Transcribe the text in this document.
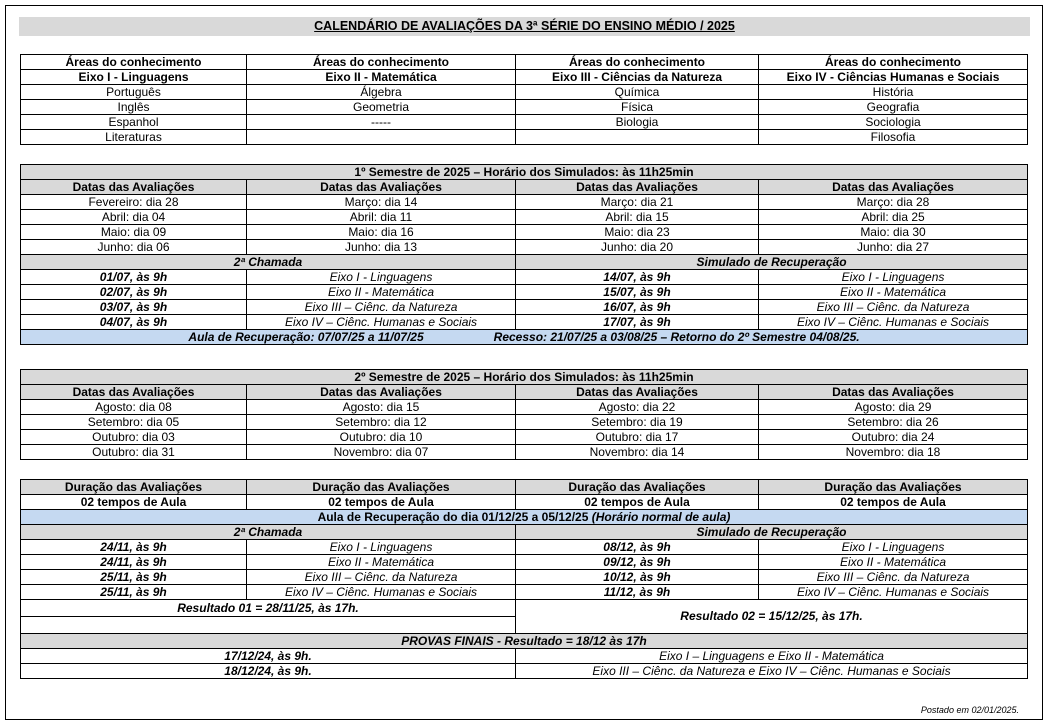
CALENDÁRIO DE AVALIAÇÕES DA 3ª SÉRIE DO ENSINO MÉDIO / 2025
Áreas do conhecimento	Áreas do conhecimento	Áreas do conhecimento	Áreas do conhecimento
Eixo I - Linguagens	Eixo II - Matemática	Eixo III - Ciências da Natureza	Eixo IV - Ciências Humanas e Sociais
Português	Álgebra	Química	História
Inglês	Geometria	Física	Geografia
Espanhol	-----	Biologia	Sociologia
Literaturas			Filosofia
1º Semestre de 2025 – Horário dos Simulados: às 11h25min			
Datas das Avaliações	Datas das Avaliações	Datas das Avaliações	Datas das Avaliações
Fevereiro: dia 28	Março: dia 14	Março: dia 21	Março: dia 28
Abril: dia 04	Abril: dia 11	Abril: dia 15	Abril: dia 25
Maio: dia 09	Maio: dia 16	Maio: dia 23	Maio: dia 30
Junho: dia 06	Junho: dia 13	Junho: dia 20	Junho: dia 27
2ª Chamada		Simulado de Recuperação	
01/07, às 9h	Eixo I - Linguagens	14/07, às 9h	Eixo I - Linguagens
02/07, às 9h	Eixo II - Matemática	15/07, às 9h	Eixo II - Matemática
03/07, às 9h	Eixo III – Ciênc. da Natureza	16/07, às 9h	Eixo III – Ciênc. da Natureza
04/07, às 9h	Eixo IV – Ciênc. Humanas e Sociais	17/07, às 9h	Eixo IV – Ciênc. Humanas e Sociais
Aula de Recuperação: 07/07/25 a 11/07/25 Recesso: 21/07/25 a 03/08/25 – Retorno do 2º Semestre 04/08/25.			
2º Semestre de 2025 – Horário dos Simulados: às 11h25min			
Datas das Avaliações	Datas das Avaliações	Datas das Avaliações	Datas das Avaliações
Agosto: dia 08	Agosto: dia 15	Agosto: dia 22	Agosto: dia 29
Setembro: dia 05	Setembro: dia 12	Setembro: dia 19	Setembro: dia 26
Outubro: dia 03	Outubro: dia 10	Outubro: dia 17	Outubro: dia 24
Outubro: dia 31	Novembro: dia 07	Novembro: dia 14	Novembro: dia 18
Duração das Avaliações	Duração das Avaliações	Duração das Avaliações	Duração das Avaliações
02 tempos de Aula	02 tempos de Aula	02 tempos de Aula	02 tempos de Aula
Aula de Recuperação do dia 01/12/25 a 05/12/25 (Horário normal de aula)			
2ª Chamada		Simulado de Recuperação	
24/11, às 9h	Eixo I - Linguagens	08/12, às 9h	Eixo I - Linguagens
24/11, às 9h	Eixo II - Matemática	09/12, às 9h	Eixo II - Matemática
25/11, às 9h	Eixo III – Ciênc. da Natureza	10/12, às 9h	Eixo III – Ciênc. da Natureza
25/11, às 9h	Eixo IV – Ciênc. Humanas e Sociais	11/12, às 9h	Eixo IV – Ciênc. Humanas e Sociais
Resultado 01 = 28/11/25, às 17h.		Resultado 02 = 15/12/25, às 17h.	

PROVAS FINAIS - Resultado = 18/12 às 17h			
17/12/24, às 9h.		Eixo I – Linguagens e Eixo II - Matemática	
18/12/24, às 9h.		Eixo III – Ciênc. da Natureza e Eixo IV – Ciênc. Humanas e Sociais	
Postado em 02/01/2025.
